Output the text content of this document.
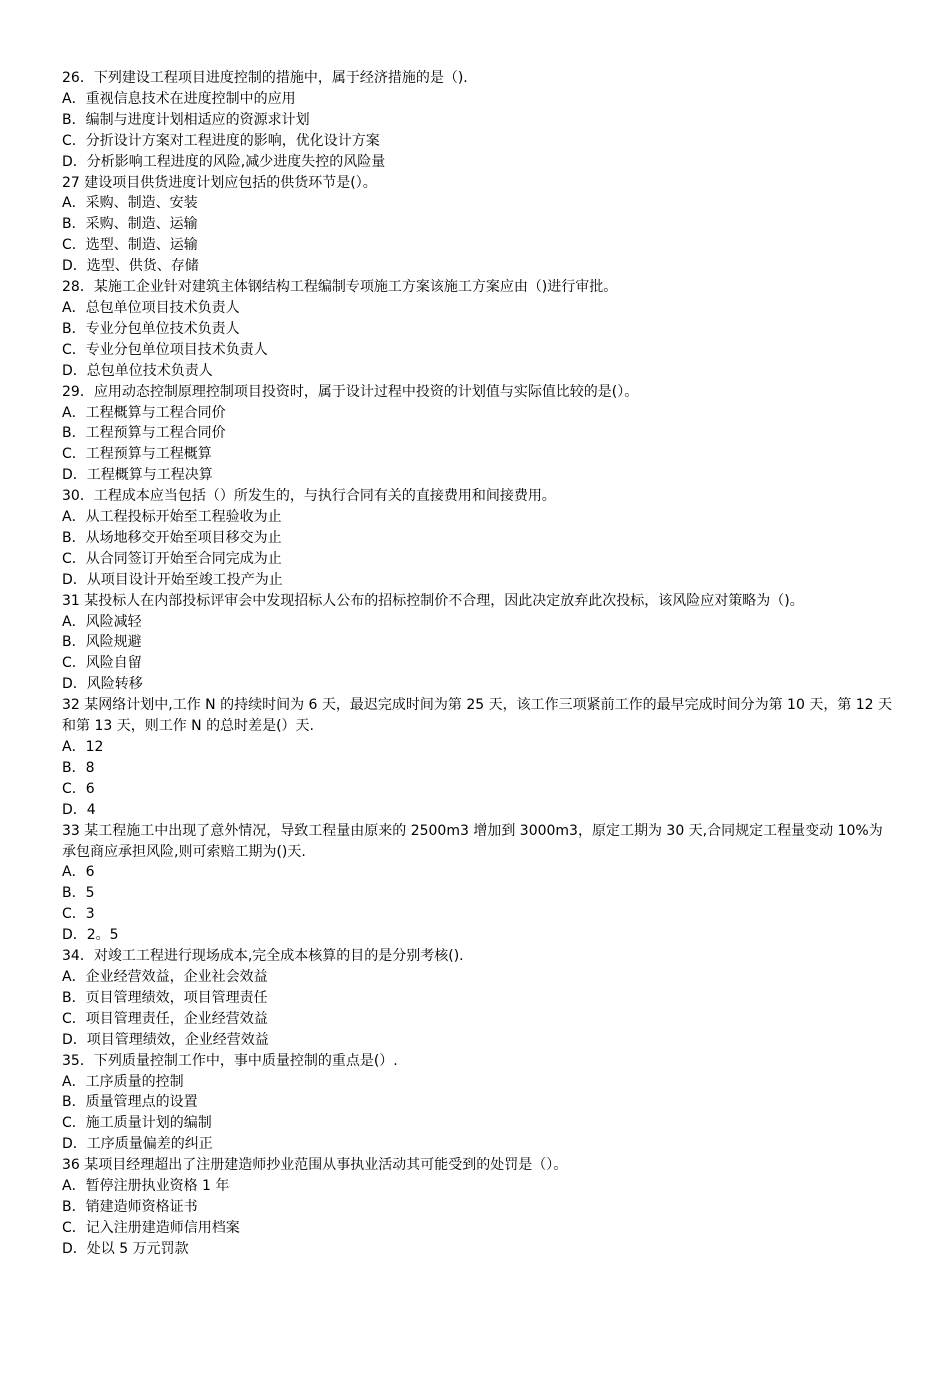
26．下列建设工程项目进度控制的措施中，属于经济措施的是（).
A．重视信息技术在进度控制中的应用
B．编制与进度计划相适应的资源求计划
C．分折设计方案对工程进度的影响，优化设计方案
D．分析影响工程进度的风险,减少进度失控的风险量
27 建设项目供货进度计划应包括的供货环节是(）。
A．采购、制造、安装
B．采购、制造、运输
C．选型、制造、运输
D．选型、供货、存储
28．某施工企业针对建筑主体钢结构工程编制专项施工方案该施工方案应由（)进行审批。
A．总包单位项目技术负责人
B．专业分包单位技术负责人
C．专业分包单位项目技术负责人
D．总包单位技术负责人
29．应用动态控制原理控制项目投资时，属于设计过程中投资的计划值与实际值比较的是(）。
A．工程概算与工程合同价
B．工程预算与工程合同价
C．工程预算与工程概算
D．工程概算与工程决算
30．工程成本应当包括（）所发生的，与执行合同有关的直接费用和间接费用。
A．从工程投标开始至工程验收为止
B．从场地移交开始至项目移交为止
C．从合同签订开始至合同完成为止
D．从项目设计开始至竣工投产为止
31 某投标人在内部投标评审会中发现招标人公布的招标控制价不合理，因此决定放弃此次投标，该风险应对策略为（)。
A．风险减轻
B．风险规避
C．风险自留
D．风险转移
32 某网络计划中,工作 N 的持续时间为 6 天，最迟完成时间为第 25 天，该工作三项紧前工作的最早完成时间分为第 10 天，第 12 天和第 13 天，则工作 N 的总时差是(）天.
A．12
B．8
C．6
D．4
33 某工程施工中出现了意外情况，导致工程量由原来的 2500m3 增加到 3000m3，原定工期为 30 天,合同规定工程量变动 10%为承包商应承担风险,则可索赔工期为()天.
A．6
B．5
C．3
D．2。5
34．对竣工工程进行现场成本,完全成本核算的目的是分别考核().
A．企业经营效益，企业社会效益
B．页目管理绩效，项目管理责任
C．项目管理责任，企业经营效益
D．项目管理绩效，企业经营效益
35．下列质量控制工作中，事中质量控制的重点是(）.
A．工序质量的控制
B．质量管理点的设置
C．施工质量计划的编制
D．工序质量偏差的纠正
36 某项目经理超出了注册建造师抄业范围从事执业活动其可能受到的处罚是（）。
A．暂停注册执业资格 1 年
B．销建造师资格证书
C．记入注册建造师信用档案
D．处以 5 万元罚款
